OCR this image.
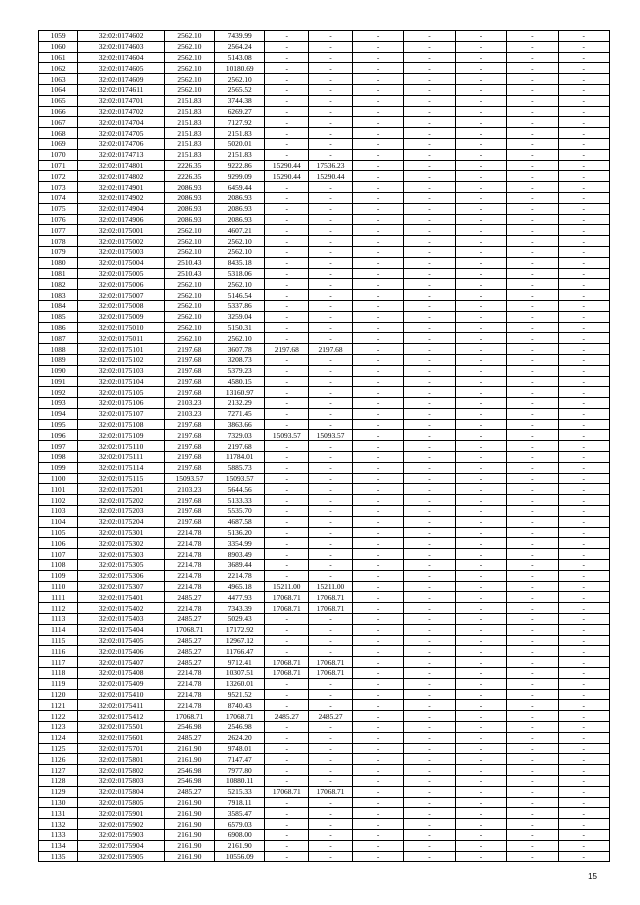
1059	32:02:0174602	2562.10	7439.99	-	-	-	-	-	-	-
1060	32:02:0174603	2562.10	2564.24	-	-	-	-	-	-	-
1061	32:02:0174604	2562.10	5143.08	-	-	-	-	-	-	-
1062	32:02:0174605	2562.10	10180.69	-	-	-	-	-	-	-
1063	32:02:0174609	2562.10	2562.10	-	-	-	-	-	-	-
1064	32:02:0174611	2562.10	2565.52	-	-	-	-	-	-	-
1065	32:02:0174701	2151.83	3744.38	-	-	-	-	-	-	-
1066	32:02:0174702	2151.83	6269.27	-	-	-	-	-	-	-
1067	32:02:0174704	2151.83	7127.92	-	-	-	-	-	-	-
1068	32:02:0174705	2151.83	2151.83	-	-	-	-	-	-	-
1069	32:02:0174706	2151.83	5020.01	-	-	-	-	-	-	-
1070	32:02:0174713	2151.83	2151.83	-	-	-	-	-	-	-
1071	32:02:0174801	2226.35	9222.86	15290.44	17536.23	-	-	-	-	-
1072	32:02:0174802	2226.35	9299.09	15290.44	15290.44	-	-	-	-	-
1073	32:02:0174901	2086.93	6459.44	-	-	-	-	-	-	-
1074	32:02:0174902	2086.93	2086.93	-	-	-	-	-	-	-
1075	32:02:0174904	2086.93	2086.93	-	-	-	-	-	-	-
1076	32:02:0174906	2086.93	2086.93	-	-	-	-	-	-	-
1077	32:02:0175001	2562.10	4607.21	-	-	-	-	-	-	-
1078	32:02:0175002	2562.10	2562.10	-	-	-	-	-	-	-
1079	32:02:0175003	2562.10	2562.10	-	-	-	-	-	-	-
1080	32:02:0175004	2510.43	8435.18	-	-	-	-	-	-	-
1081	32:02:0175005	2510.43	5318.06	-	-	-	-	-	-	-
1082	32:02:0175006	2562.10	2562.10	-	-	-	-	-	-	-
1083	32:02:0175007	2562.10	5146.54	-	-	-	-	-	-	-
1084	32:02:0175008	2562.10	5337.86	-	-	-	-	-	-	-
1085	32:02:0175009	2562.10	3259.04	-	-	-	-	-	-	-
1086	32:02:0175010	2562.10	5150.31	-	-	-	-	-	-	-
1087	32:02:0175011	2562.10	2562.10	-	-	-	-	-	-	-
1088	32:02:0175101	2197.68	3607.78	2197.68	2197.68	-	-	-	-	-
1089	32:02:0175102	2197.68	3208.73	-	-	-	-	-	-	-
1090	32:02:0175103	2197.68	5379.23	-	-	-	-	-	-	-
1091	32:02:0175104	2197.68	4580.15	-	-	-	-	-	-	-
1092	32:02:0175105	2197.68	13160.97	-	-	-	-	-	-	-
1093	32:02:0175106	2103.23	2132.29	-	-	-	-	-	-	-
1094	32:02:0175107	2103.23	7271.45	-	-	-	-	-	-	-
1095	32:02:0175108	2197.68	3863.66	-	-	-	-	-	-	-
1096	32:02:0175109	2197.68	7329.03	15093.57	15093.57	-	-	-	-	-
1097	32:02:0175110	2197.68	2197.68	-	-	-	-	-	-	-
1098	32:02:0175111	2197.68	11784.01	-	-	-	-	-	-	-
1099	32:02:0175114	2197.68	5885.73	-	-	-	-	-	-	-
1100	32:02:0175115	15093.57	15093.57	-	-	-	-	-	-	-
1101	32:02:0175201	2103.23	5644.56	-	-	-	-	-	-	-
1102	32:02:0175202	2197.68	5133.33	-	-	-	-	-	-	-
1103	32:02:0175203	2197.68	5535.70	-	-	-	-	-	-	-
1104	32:02:0175204	2197.68	4687.58	-	-	-	-	-	-	-
1105	32:02:0175301	2214.78	5136.20	-	-	-	-	-	-	-
1106	32:02:0175302	2214.78	3354.99	-	-	-	-	-	-	-
1107	32:02:0175303	2214.78	8903.49	-	-	-	-	-	-	-
1108	32:02:0175305	2214.78	3689.44	-	-	-	-	-	-	-
1109	32:02:0175306	2214.78	2214.78	-	-	-	-	-	-	-
1110	32:02:0175307	2214.78	4965.18	15211.00	15211.00	-	-	-	-	-
1111	32:02:0175401	2485.27	4477.93	17068.71	17068.71	-	-	-	-	-
1112	32:02:0175402	2214.78	7343.39	17068.71	17068.71	-	-	-	-	-
1113	32:02:0175403	2485.27	5029.43	-	-	-	-	-	-	-
1114	32:02:0175404	17068.71	17172.92	-	-	-	-	-	-	-
1115	32:02:0175405	2485.27	12967.12	-	-	-	-	-	-	-
1116	32:02:0175406	2485.27	11766.47	-	-	-	-	-	-	-
1117	32:02:0175407	2485.27	9712.41	17068.71	17068.71	-	-	-	-	-
1118	32:02:0175408	2214.78	10307.51	17068.71	17068.71	-	-	-	-	-
1119	32:02:0175409	2214.78	13260.01	-	-	-	-	-	-	-
1120	32:02:0175410	2214.78	9521.52	-	-	-	-	-	-	-
1121	32:02:0175411	2214.78	8740.43	-	-	-	-	-	-	-
1122	32:02:0175412	17068.71	17068.71	2485.27	2485.27	-	-	-	-	-
1123	32:02:0175501	2546.98	2546.98	-	-	-	-	-	-	-
1124	32:02:0175601	2485.27	2624.20	-	-	-	-	-	-	-
1125	32:02:0175701	2161.90	9748.01	-	-	-	-	-	-	-
1126	32:02:0175801	2161.90	7147.47	-	-	-	-	-	-	-
1127	32:02:0175802	2546.98	7977.80	-	-	-	-	-	-	-
1128	32:02:0175803	2546.98	10880.11	-	-	-	-	-	-	-
1129	32:02:0175804	2485.27	5215.33	17068.71	17068.71	-	-	-	-	-
1130	32:02:0175805	2161.90	7918.11	-	-	-	-	-	-	-
1131	32:02:0175901	2161.90	3585.47	-	-	-	-	-	-	-
1132	32:02:0175902	2161.90	6579.03	-	-	-	-	-	-	-
1133	32:02:0175903	2161.90	6908.00	-	-	-	-	-	-	-
1134	32:02:0175904	2161.90	2161.90	-	-	-	-	-	-	-
1135	32:02:0175905	2161.90	10556.09	-	-	-	-	-	-	-
15
